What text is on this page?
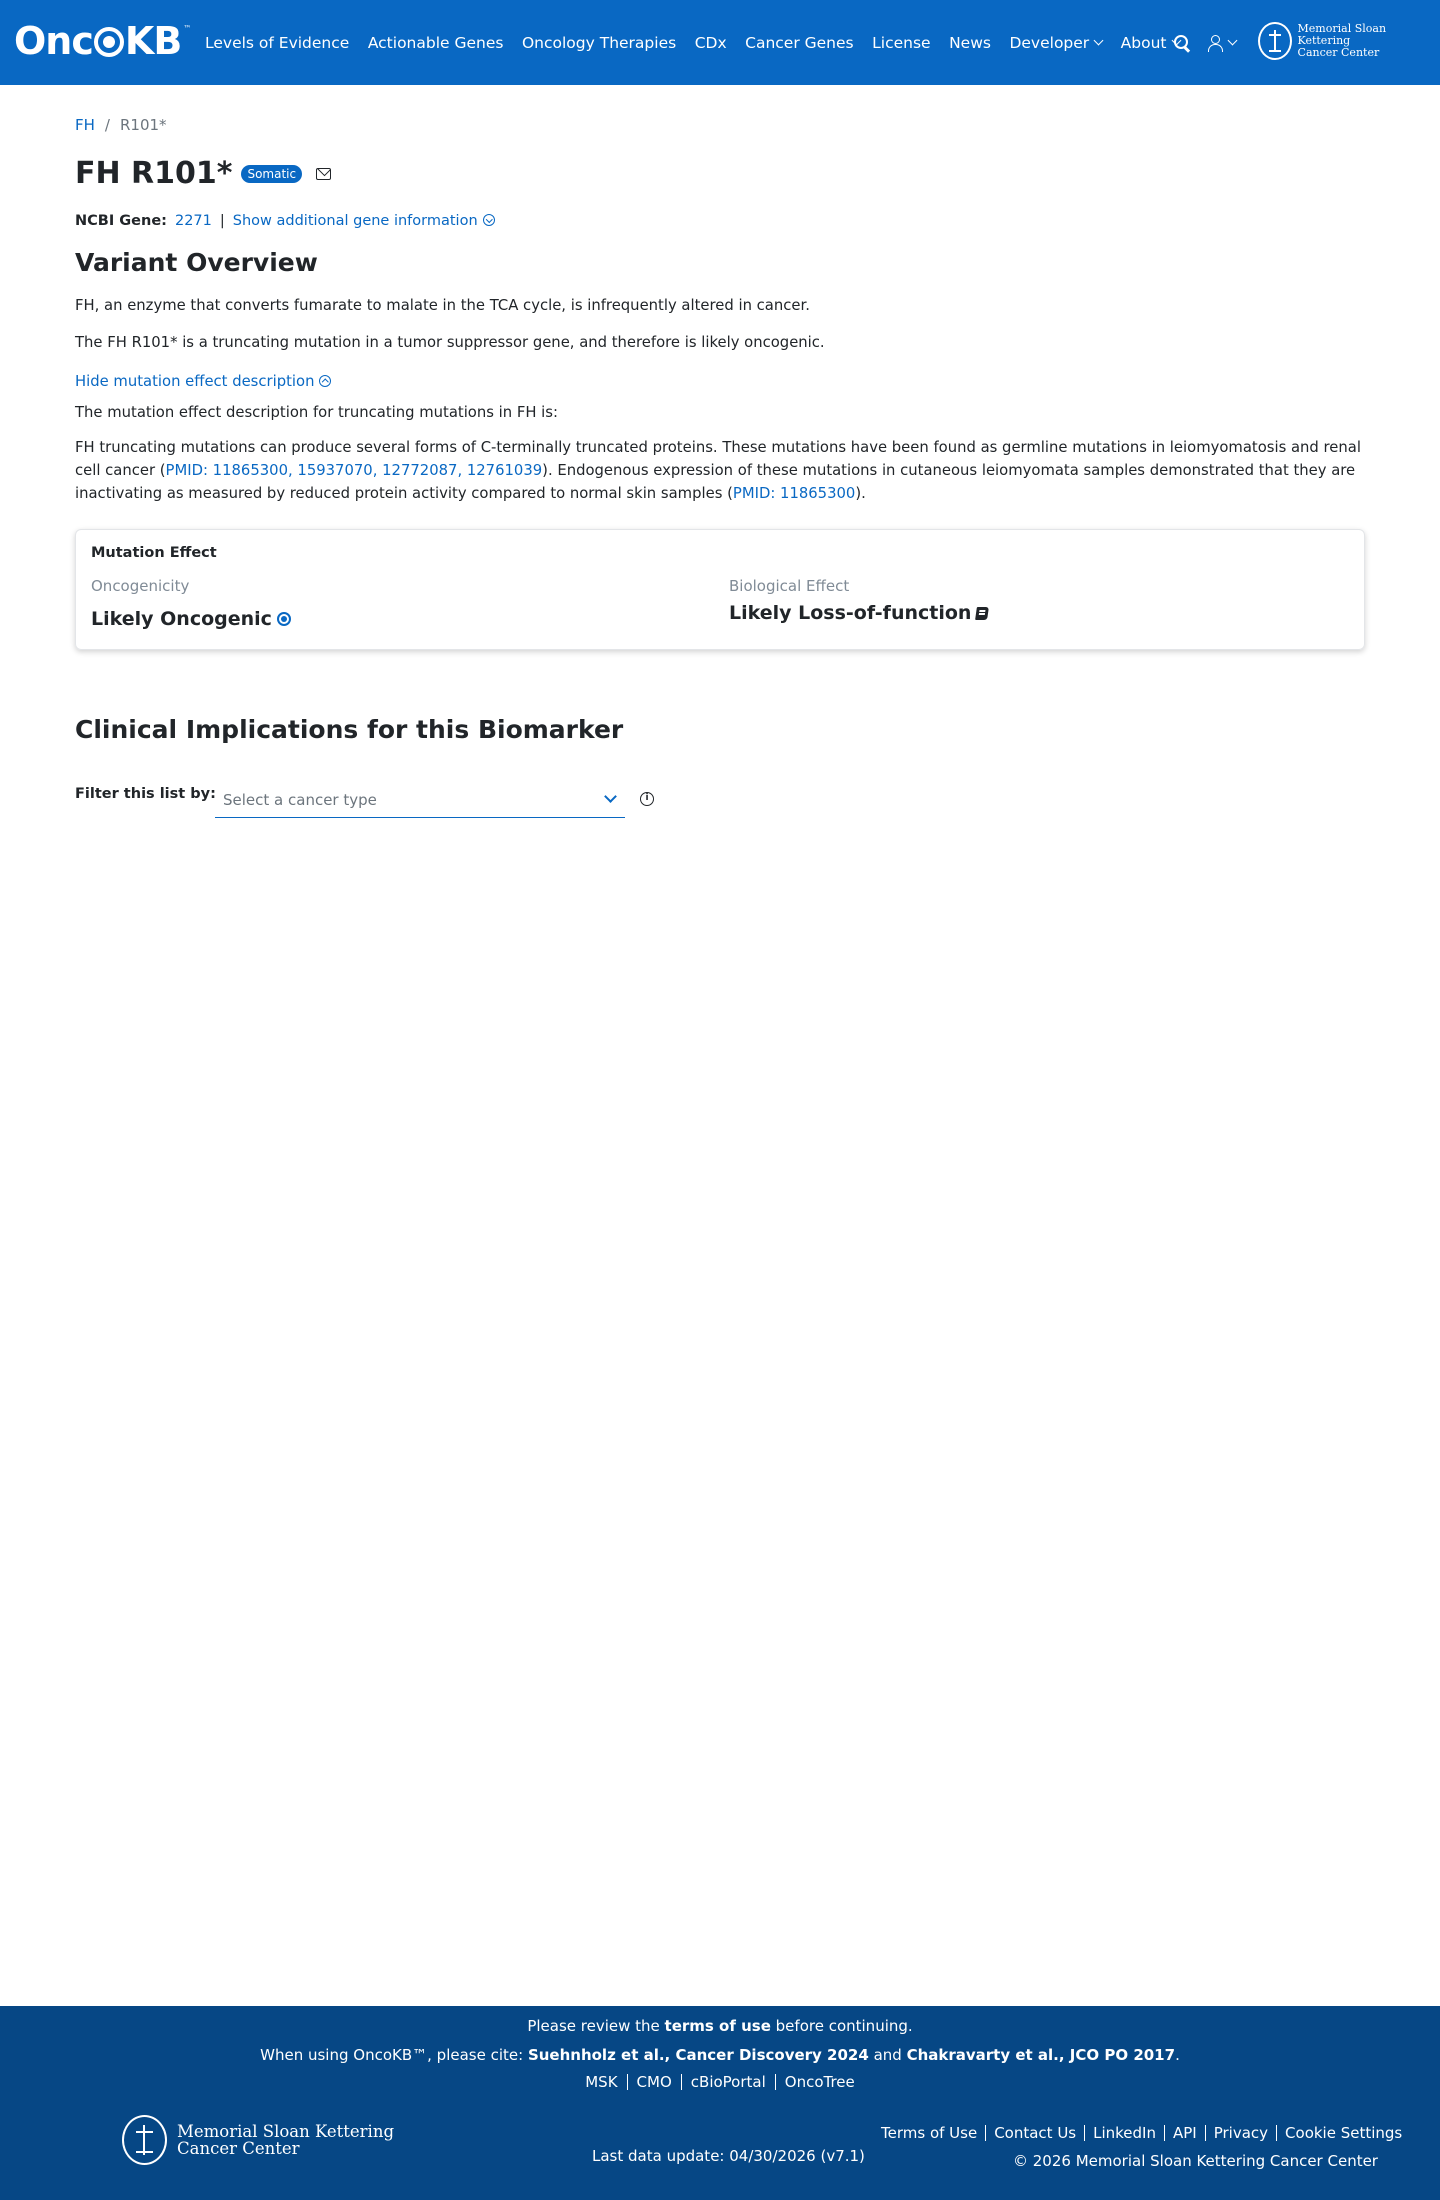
Onc KB ™
Levels of Evidence Actionable Genes Oncology Therapies CDx Cancer Genes License News Developer About
Memorial Sloan Kettering
Cancer Center
FH / R101*
FH R101*	Somatic
NCBI Gene: 2271 | Show additional gene information
Variant Overview

FH, an enzyme that converts fumarate to malate in the TCA cycle, is infrequently altered in cancer.

The FH R101* is a truncating mutation in a tumor suppressor gene, and therefore is likely oncogenic.

Hide mutation effect description

The mutation effect description for truncating mutations in FH is:

FH truncating mutations can produce several forms of C-terminally truncated proteins. These mutations have been found as germline mutations in leiomyomatosis and renal cell cancer (PMID: 11865300, 15937070, 12772087, 12761039). Endogenous expression of these mutations in cutaneous leiomyomata samples demonstrated that they are inactivating as measured by reduced protein activity compared to normal skin samples (PMID: 11865300).

Mutation Effect
Oncogenicity
Likely Oncogenic
Biological Effect
Likely Loss-of-function
Clinical Implications for this Biomarker
Filter this list by: Select a cancer type	i
Please review the terms of use before continuing.
When using OncoKB™, please cite: Suehnholz et al., Cancer Discovery 2024 and Chakravarty et al., JCO PO 2017.
MSK	CMO	cBioPortal	OncoTree
Memorial Sloan Kettering
Cancer Center	Last data update: 04/30/2026 (v7.1)
Terms of Use	Contact Us	LinkedIn	API	Privacy	Cookie Settings
© 2026 Memorial Sloan Kettering Cancer Center
